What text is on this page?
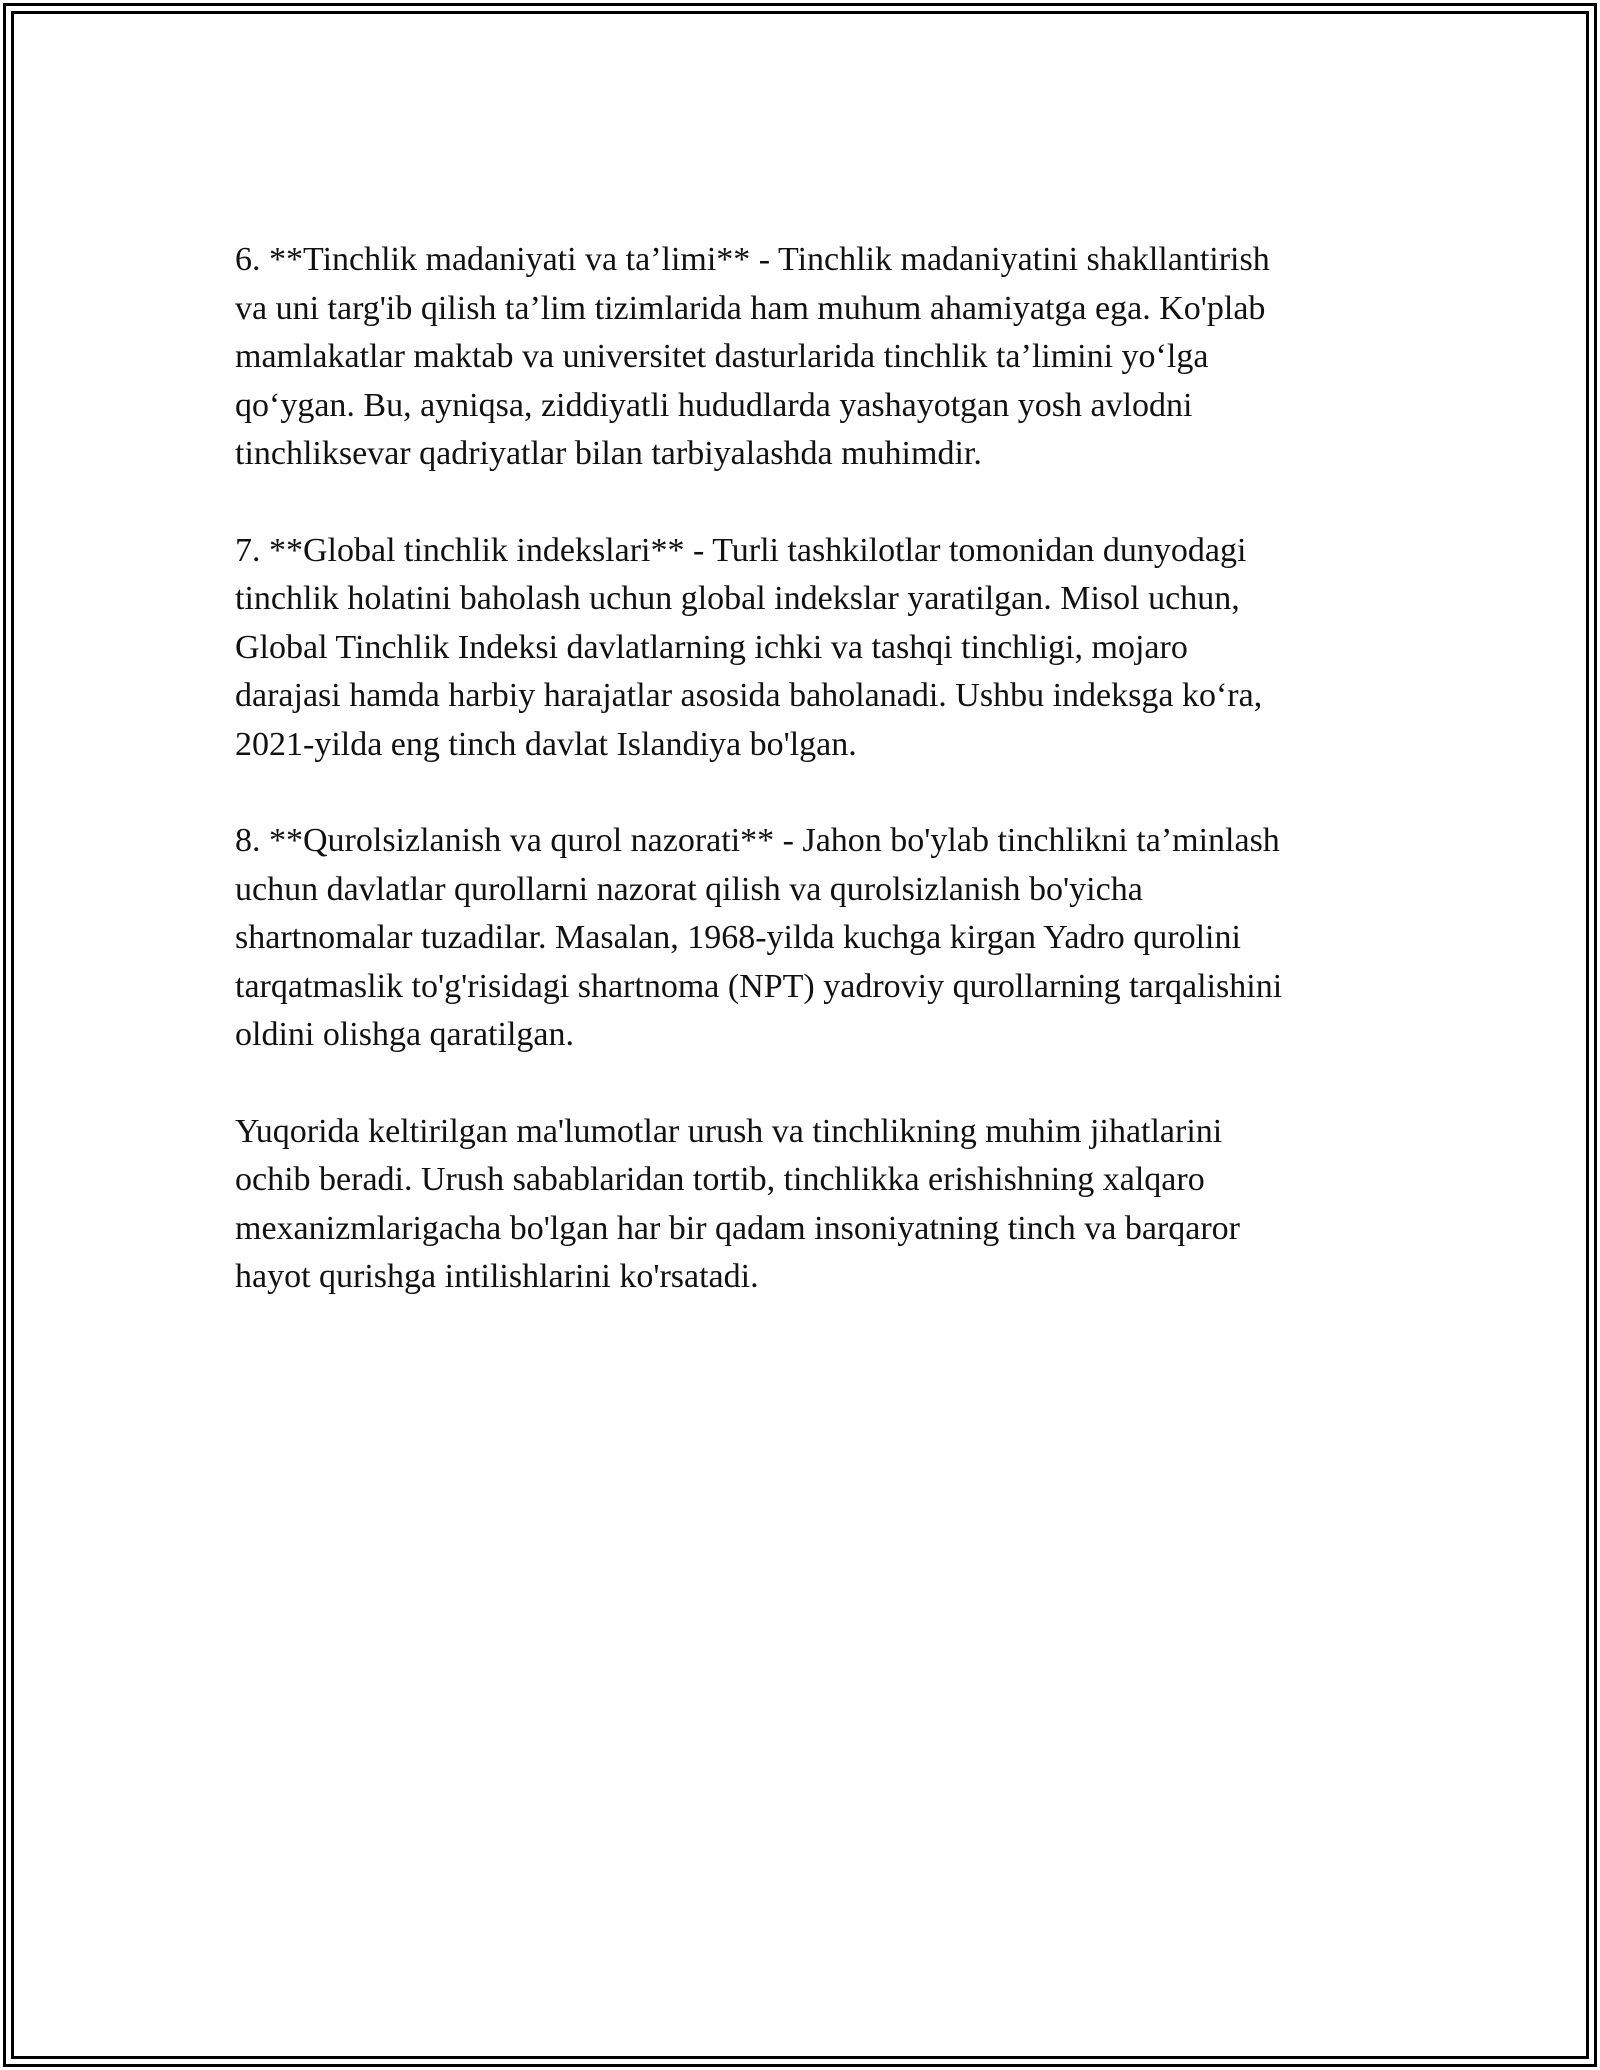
6. **Tinchlik madaniyati va ta’limi** - Tinchlik madaniyatini shakllantirish
va uni targ'ib qilish ta’lim tizimlarida ham muhum ahamiyatga ega. Ko'plab
mamlakatlar maktab va universitet dasturlarida tinchlik ta’limini yo‘lga
qo‘ygan. Bu, ayniqsa, ziddiyatli hududlarda yashayotgan yosh avlodni
tinchliksevar qadriyatlar bilan tarbiyalashda muhimdir.

7. **Global tinchlik indekslari** - Turli tashkilotlar tomonidan dunyodagi
tinchlik holatini baholash uchun global indekslar yaratilgan. Misol uchun,
Global Tinchlik Indeksi davlatlarning ichki va tashqi tinchligi, mojaro
darajasi hamda harbiy harajatlar asosida baholanadi. Ushbu indeksga ko‘ra,
2021-yilda eng tinch davlat Islandiya bo'lgan.

8. **Qurolsizlanish va qurol nazorati** - Jahon bo'ylab tinchlikni ta’minlash
uchun davlatlar qurollarni nazorat qilish va qurolsizlanish bo'yicha
shartnomalar tuzadilar. Masalan, 1968-yilda kuchga kirgan Yadro qurolini
tarqatmaslik to'g'risidagi shartnoma (NPT) yadroviy qurollarning tarqalishini
oldini olishga qaratilgan.

Yuqorida keltirilgan ma'lumotlar urush va tinchlikning muhim jihatlarini
ochib beradi. Urush sabablaridan tortib, tinchlikka erishishning xalqaro
mexanizmlarigacha bo'lgan har bir qadam insoniyatning tinch va barqaror
hayot qurishga intilishlarini ko'rsatadi.
